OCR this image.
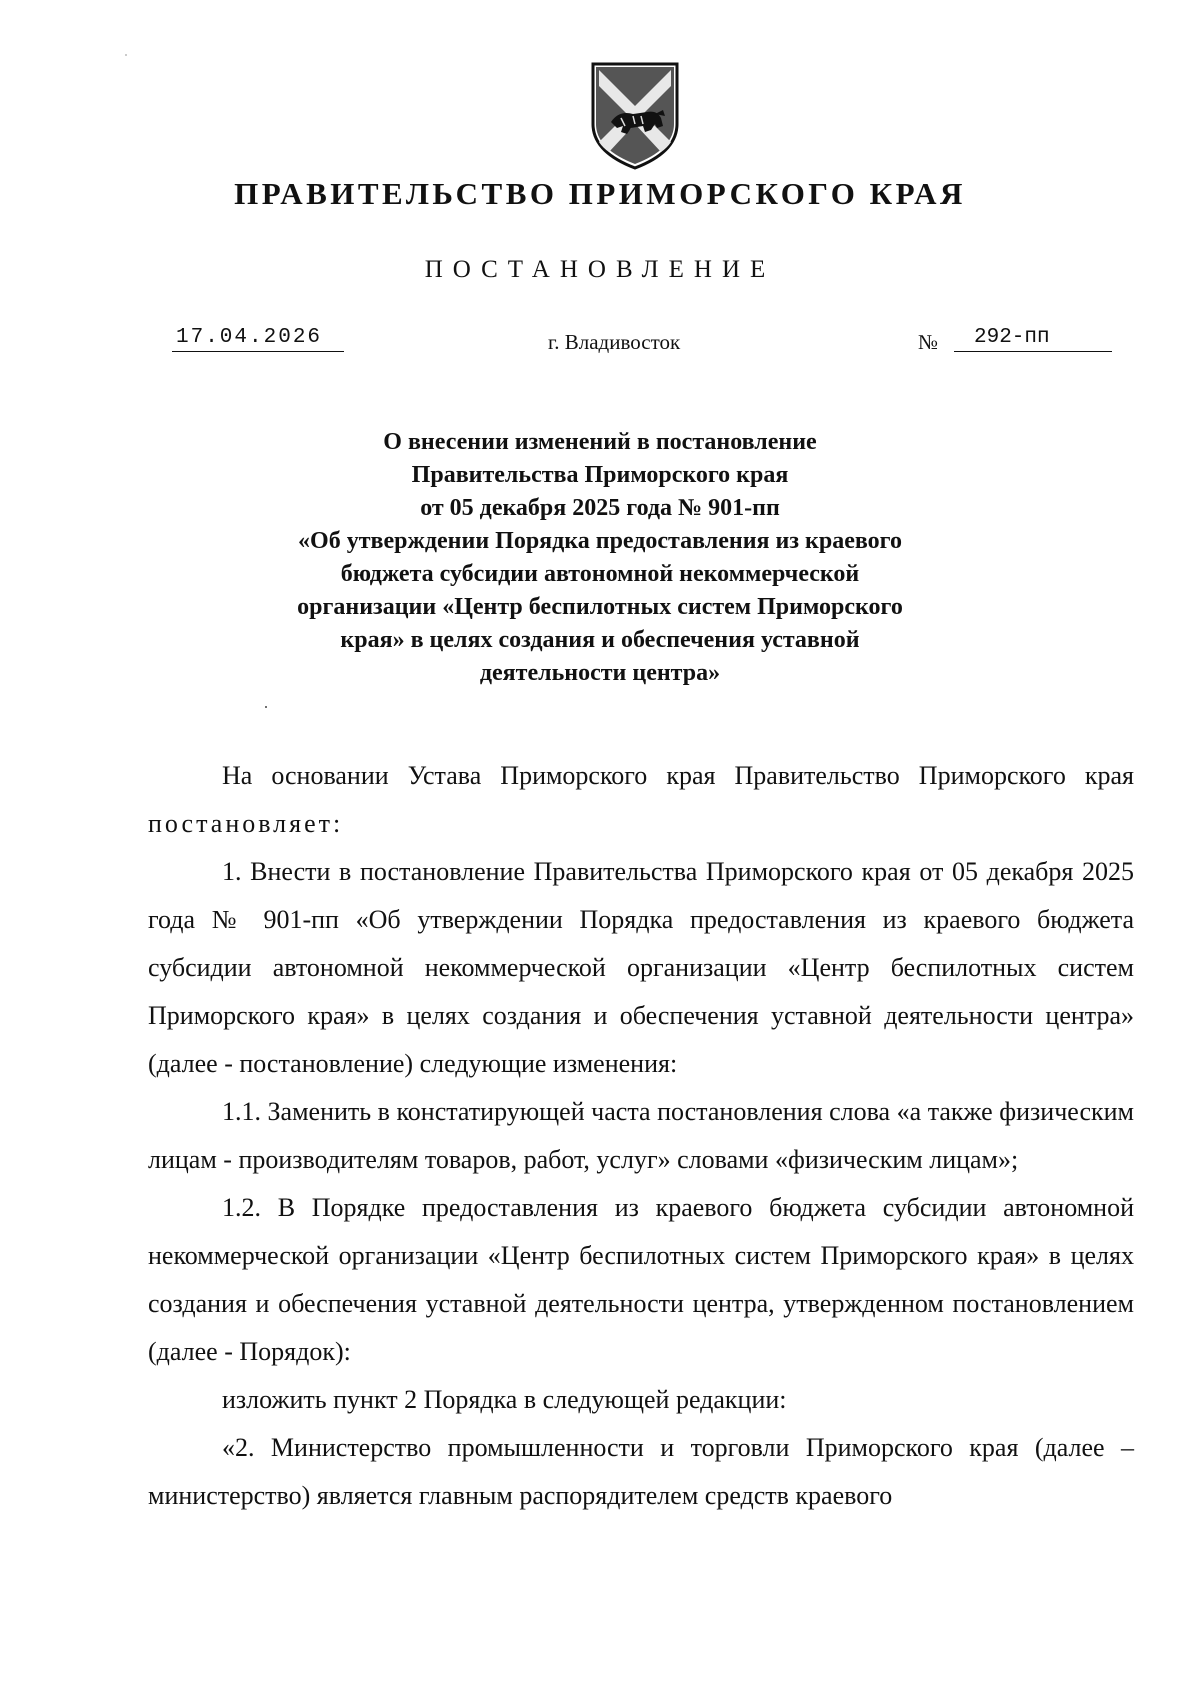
ПРАВИТЕЛЬСТВО ПРИМОРСКОГО КРАЯ
ПОСТАНОВЛЕНИЕ
17.04.2026	г. Владивосток	№	292-пп
О внесении изменений в постановление
Правительства Приморского края
от 05 декабря 2025 года № 901-пп
«Об утверждении Порядка предоставления из краевого
бюджета субсидии автономной некоммерческой
организации «Центр беспилотных систем Приморского
края» в целях создания и обеспечения уставной
деятельности центра»

На основании Устава Приморского края Правительство Приморского края постановляет:

1. Внести в постановление Правительства Приморского края от 05 декабря 2025 года № 901-пп «Об утверждении Порядка предоставления из краевого бюджета субсидии автономной некоммерческой организации «Центр беспилотных систем Приморского края» в целях создания и обеспечения уставной деятельности центра» (далее - постановление) следующие изменения:

1.1. Заменить в констатирующей часта постановления слова «а также физическим лицам - производителям товаров, работ, услуг» словами «физическим лицам»;

1.2. В Порядке предоставления из краевого бюджета субсидии автономной некоммерческой организации «Центр беспилотных систем Приморского края» в целях создания и обеспечения уставной деятельности центра, утвержденном постановлением (далее - Порядок):

изложить пункт 2 Порядка в следующей редакции:

«2. Министерство промышленности и торговли Приморского края (далее – министерство) является главным распорядителем средств краевого
